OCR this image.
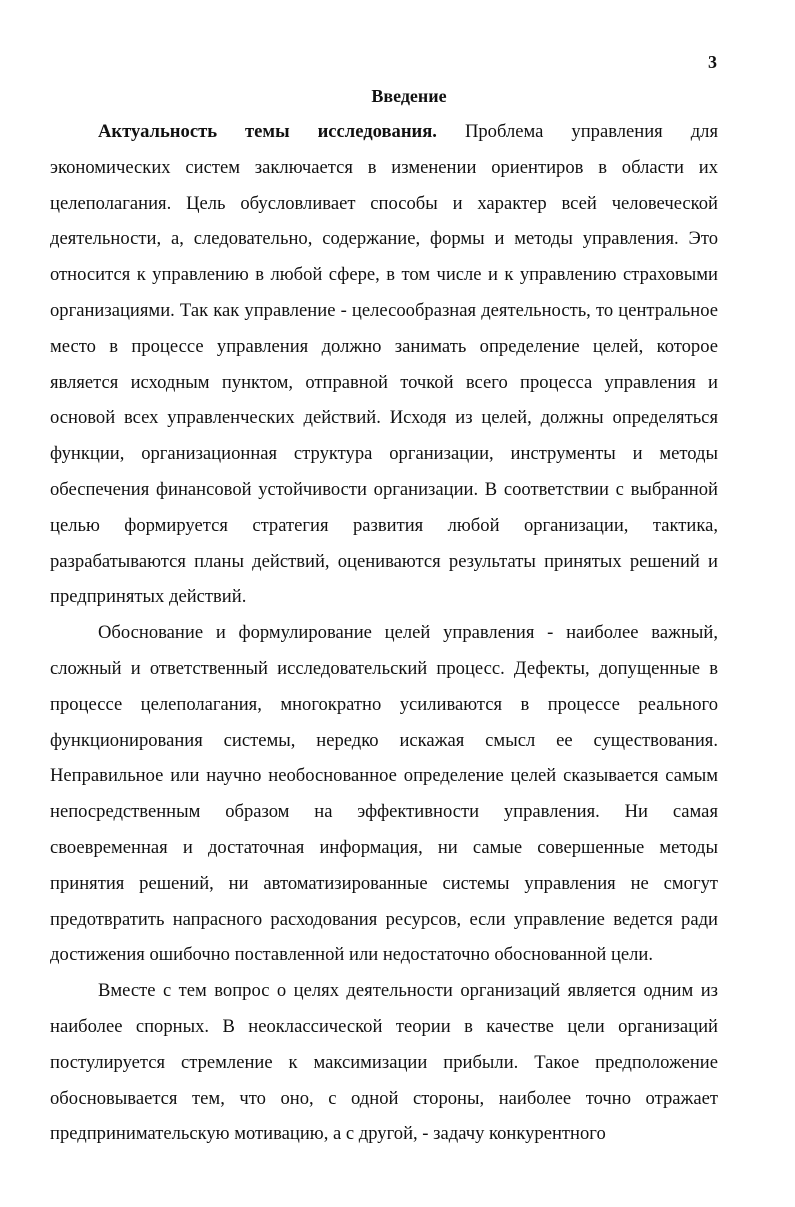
3
Введение

Актуальность темы исследования. Проблема управления для экономических систем заключается в изменении ориентиров в области их целеполагания. Цель обусловливает способы и характер всей человеческой деятельности, а, следовательно, содержание, формы и методы управления. Это относится к управлению в любой сфере, в том числе и к управлению страховыми организациями. Так как управление - целесообразная деятельность, то центральное место в процессе управления должно занимать определение целей, которое является исходным пунктом, отправной точкой всего процесса управления и основой всех управленческих действий. Исходя из целей, должны определяться функции, организационная структура организации, инструменты и методы обеспечения финансовой устойчивости организации. В соответствии с выбранной целью формируется стратегия развития любой организации, тактика, разрабатываются планы действий, оцениваются результаты принятых решений и предпринятых действий.

Обоснование и формулирование целей управления - наиболее важный, сложный и ответственный исследовательский процесс. Дефекты, допущенные в процессе целеполагания, многократно усиливаются в процессе реального функционирования системы, нередко искажая смысл ее существования. Неправильное или научно необоснованное определение целей сказывается самым непосредственным образом на эффективности управления. Ни самая своевременная и достаточная информация, ни самые совершенные методы принятия решений, ни автоматизированные системы управления не смогут предотвратить напрасного расходования ресурсов, если управление ведется ради достижения ошибочно поставленной или недостаточно обоснованной цели.

Вместе с тем вопрос о целях деятельности организаций является одним из наиболее спорных. В неоклассической теории в качестве цели организаций постулируется стремление к максимизации прибыли. Такое предположение обосновывается тем, что оно, с одной стороны, наиболее точно отражает предпринимательскую мотивацию, а с другой, - задачу конкурентного
